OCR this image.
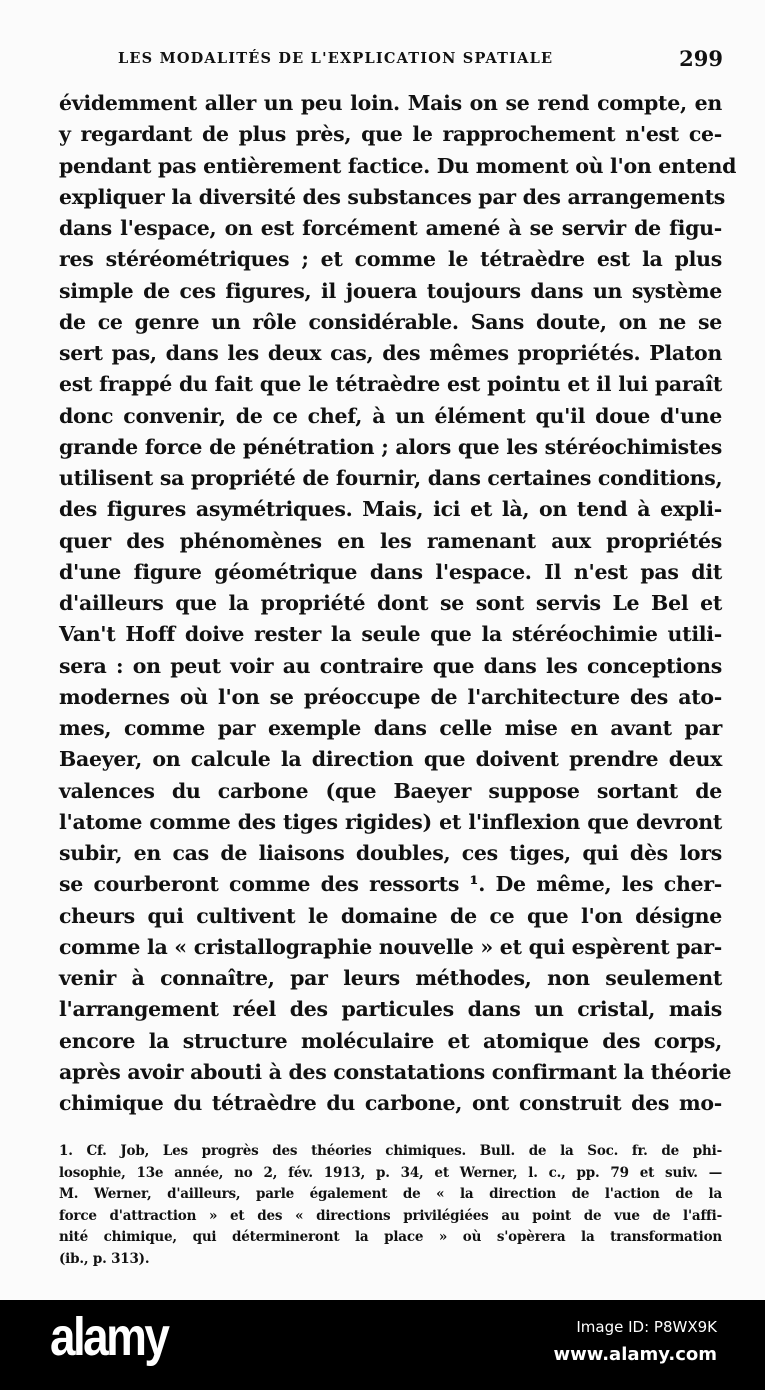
LES MODALITÉS DE L'EXPLICATION SPATIALE	299
évidemment aller un peu loin. Mais on se rend compte, en
y regardant de plus près, que le rapprochement n'est ce-
pendant pas entièrement factice. Du moment où l'on entend
expliquer la diversité des substances par des arrangements
dans l'espace, on est forcément amené à se servir de figu-
res stéréométriques ; et comme le tétraèdre est la plus
simple de ces figures, il jouera toujours dans un système
de ce genre un rôle considérable. Sans doute, on ne se
sert pas, dans les deux cas, des mêmes propriétés. Platon
est frappé du fait que le tétraèdre est pointu et il lui paraît
donc convenir, de ce chef, à un élément qu'il doue d'une
grande force de pénétration ; alors que les stéréochimistes
utilisent sa propriété de fournir, dans certaines conditions,
des figures asymétriques. Mais, ici et là, on tend à expli-
quer des phénomènes en les ramenant aux propriétés
d'une figure géométrique dans l'espace. Il n'est pas dit
d'ailleurs que la propriété dont se sont servis Le Bel et
Van't Hoff doive rester la seule que la stéréochimie utili-
sera : on peut voir au contraire que dans les conceptions
modernes où l'on se préoccupe de l'architecture des ato-
mes, comme par exemple dans celle mise en avant par
Baeyer, on calcule la direction que doivent prendre deux
valences du carbone (que Baeyer suppose sortant de
l'atome comme des tiges rigides) et l'inflexion que devront
subir, en cas de liaisons doubles, ces tiges, qui dès lors
se courberont comme des ressorts ¹. De même, les cher-
cheurs qui cultivent le domaine de ce que l'on désigne
comme la « cristallographie nouvelle » et qui espèrent par-
venir à connaître, par leurs méthodes, non seulement
l'arrangement réel des particules dans un cristal, mais
encore la structure moléculaire et atomique des corps,
après avoir abouti à des constatations confirmant la théorie
chimique du tétraèdre du carbone, ont construit des mo-
1. Cf. Job, Les progrès des théories chimiques. Bull. de la Soc. fr. de phi-
losophie, 13e année, no 2, fév. 1913, p. 34, et Werner, l. c., pp. 79 et suiv. —
M. Werner, d'ailleurs, parle également de « la direction de l'action de la
force d'attraction » et des « directions privilégiées au point de vue de l'affi-
nité chimique, qui détermineront la place » où s'opèrera la transformation
(ib., p. 313).
alamy	Image ID: P8WX9K
www.alamy.com
